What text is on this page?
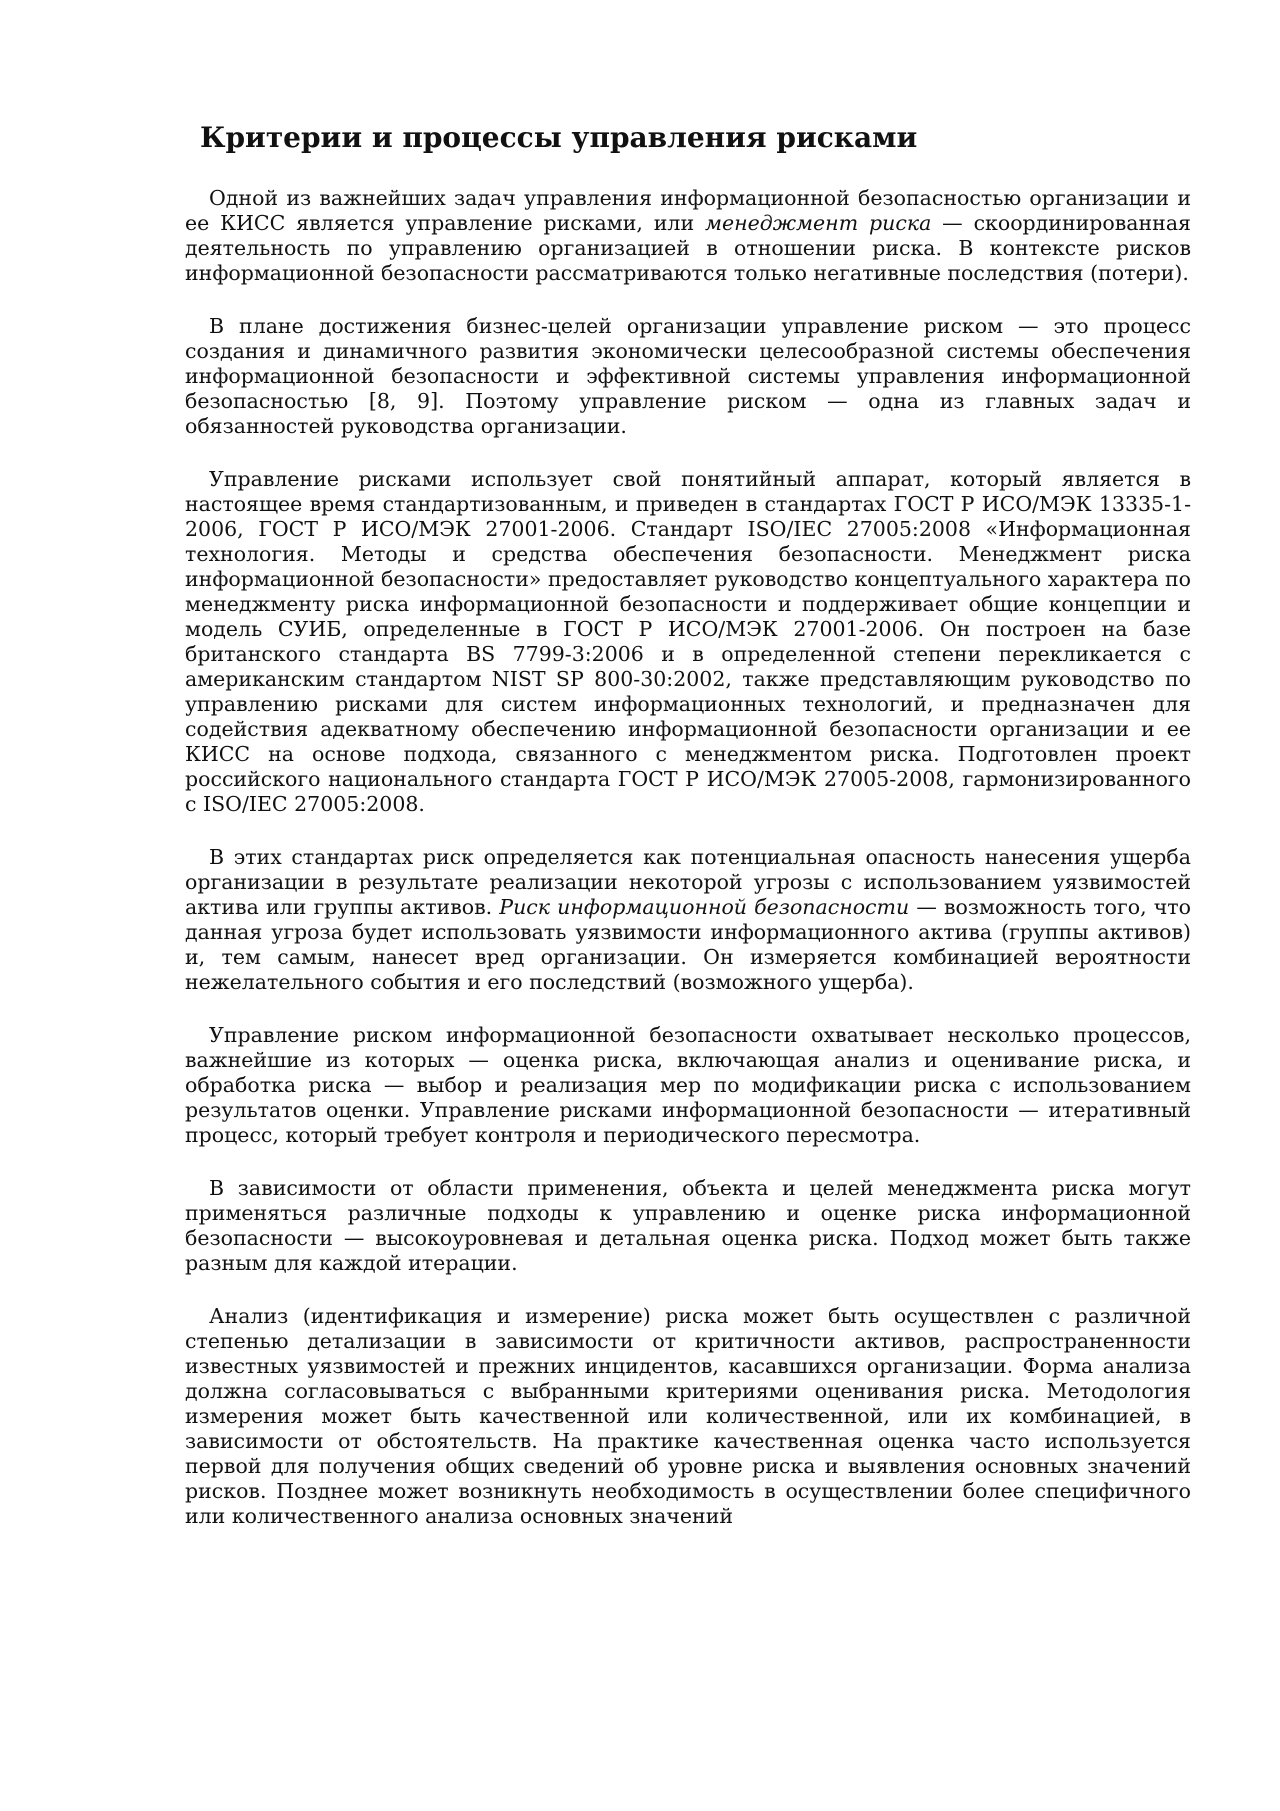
Критерии и процессы управления рисками

Одной из важнейших задач управления информационной безопасностью организации и ее КИСС является управление рисками, или менеджмент риска — скоординированная деятельность по управлению организацией в отношении риска. В контексте рисков информационной безопасности рассматриваются только негативные последствия (потери).

В плане достижения бизнес-целей организации управление риском — это процесс создания и динамичного развития экономически целесообразной системы обеспечения информационной безопасности и эффективной системы управления информационной безопасностью [8, 9]. Поэтому управление риском — одна из главных задач и обязанностей руководства организации.

Управление рисками использует свой понятийный аппарат, который является в настоящее время стандартизованным, и приведен в стандартах ГОСТ Р ИСО/МЭК 13335-1-2006, ГОСТ Р ИСО/МЭК 27001-2006. Стандарт ISO/IEC 27005:2008 «Информационная технология. Методы и средства обеспечения безопасности. Менеджмент риска информационной безопасности» предоставляет руководство концептуального характера по менеджменту риска информационной безопасности и поддерживает общие концепции и модель СУИБ, определенные в ГОСТ Р ИСО/МЭК 27001-2006. Он построен на базе британского стандарта BS 7799-3:2006 и в определенной степени перекликается с американским стандартом NIST SP 800-30:2002, также представляющим руководство по управлению рисками для систем информационных технологий, и предназначен для содействия адекватному обеспечению информационной безопасности организации и ее КИСС на основе подхода, связанного с менеджментом риска. Подготовлен проект российского национального стандарта ГОСТ Р ИСО/МЭК 27005-2008, гармонизированного с ISO/IEC 27005:2008.

В этих стандартах риск определяется как потенциальная опасность нанесения ущерба организации в результате реализации некоторой угрозы с использованием уязвимостей актива или группы активов. Риск информационной безопасности — возможность того, что данная угроза будет использовать уязвимости информационного актива (группы активов) и, тем самым, нанесет вред организации. Он измеряется комбинацией вероятности нежелательного события и его последствий (возможного ущерба).

Управление риском информационной безопасности охватывает несколько процессов, важнейшие из которых — оценка риска, включающая анализ и оценивание риска, и обработка риска — выбор и реализация мер по модификации риска с использованием результатов оценки. Управление рисками информационной безопасности — итеративный процесс, который требует контроля и периодического пересмотра.

В зависимости от области применения, объекта и целей менеджмента риска могут применяться различные подходы к управлению и оценке риска информационной безопасности — высокоуровневая и детальная оценка риска. Подход может быть также разным для каждой итерации.

Анализ (идентификация и измерение) риска может быть осуществлен с различной степенью детализации в зависимости от критичности активов, распространенности известных уязвимостей и прежних инцидентов, касавшихся организации. Форма анализа должна согласовываться с выбранными критериями оценивания риска. Методология измерения может быть качественной или количественной, или их комбинацией, в зависимости от обстоятельств. На практике качественная оценка часто используется первой для получения общих сведений об уровне риска и выявления основных значений рисков. Позднее может возникнуть необходимость в осуществлении более специфичного или количественного анализа основных значений
